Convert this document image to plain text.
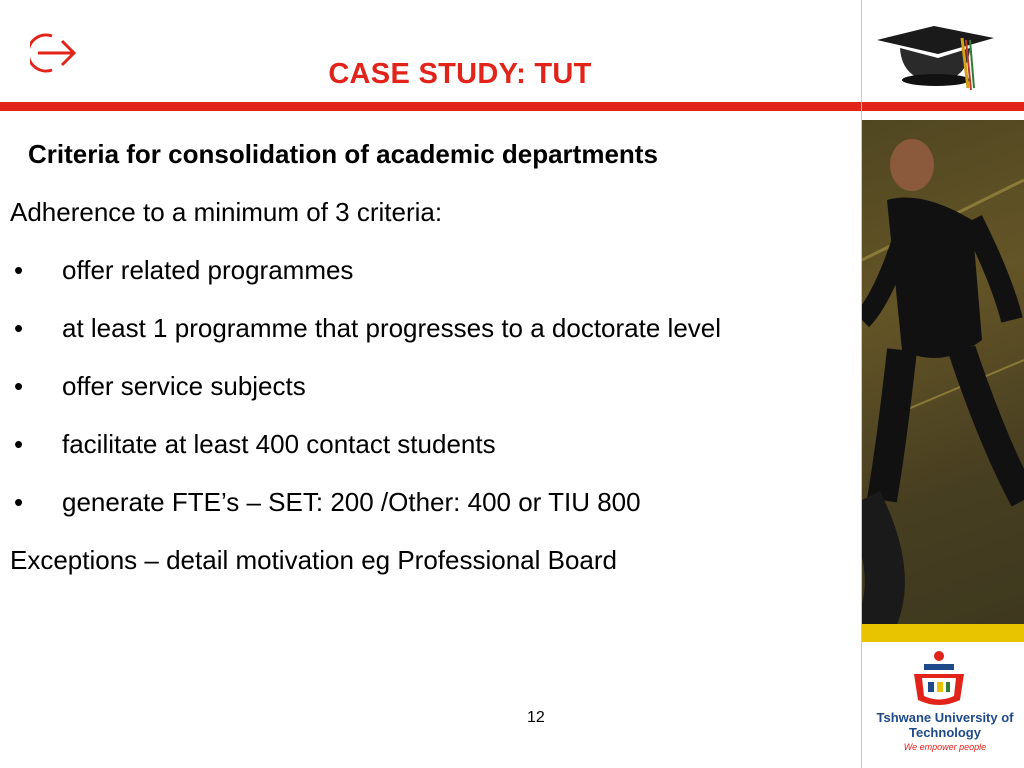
CASE STUDY: TUT
Tshwane University of Technology
We empower people
Criteria for consolidation of academic departments
Adherence to a minimum of 3 criteria:
• offer related programmes
• at least 1 programme that progresses to a doctorate level
• offer service subjects
• facilitate at least 400 contact students
• generate FTE’s – SET: 200 /Other: 400 or TIU 800
Exceptions – detail motivation eg Professional Board
12
